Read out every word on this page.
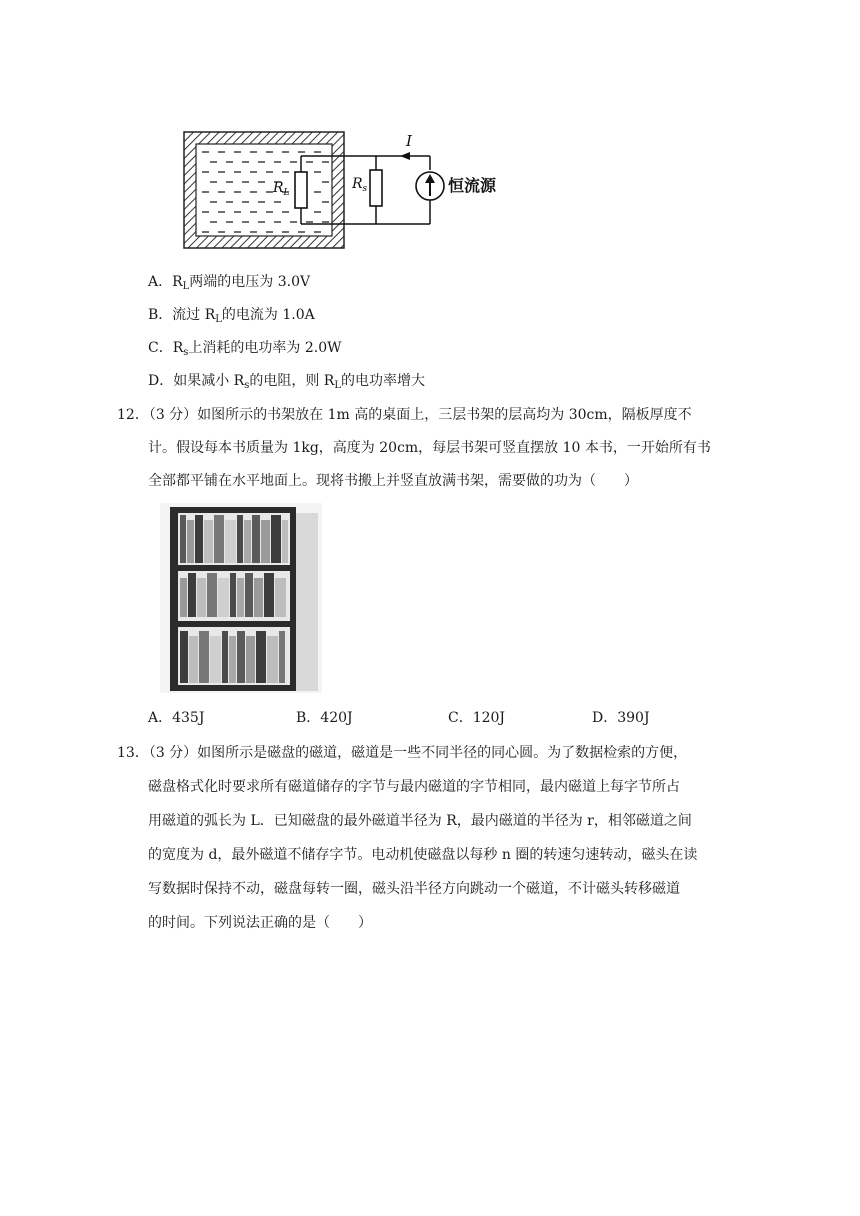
I
$R_L$
$R_s$	恒流源
A．$R_L$两端的电压为 3.0V
B．流过 $R_L$的电流为 1.0A
C．$R_s$上消耗的电功率为 2.0W
D．如果减小 $R_s$的电阻，则 $R_L$的电功率增大
12．（3 分）如图所示的书架放在 1m 高的桌面上，三层书架的层高均为 30cm，隔板厚度不
计。假设每本书质量为 1kg，高度为 20cm，每层书架可竖直摆放 10 本书，一开始所有书
全部都平铺在水平地面上。现将书搬上并竖直放满书架，需要做的功为（　　）
A．435J	B．420J	C．120J	D．390J
13．（3 分）如图所示是磁盘的磁道，磁道是一些不同半径的同心圆。为了数据检索的方便，
磁盘格式化时要求所有磁道储存的字节与最内磁道的字节相同，最内磁道上每字节所占
用磁道的弧长为 L．已知磁盘的最外磁道半径为 R，最内磁道的半径为 r，相邻磁道之间
的宽度为 d，最外磁道不储存字节。电动机使磁盘以每秒 n 圈的转速匀速转动，磁头在读
写数据时保持不动，磁盘每转一圈，磁头沿半径方向跳动一个磁道，不计磁头转移磁道
的时间。下列说法正确的是（　　）
